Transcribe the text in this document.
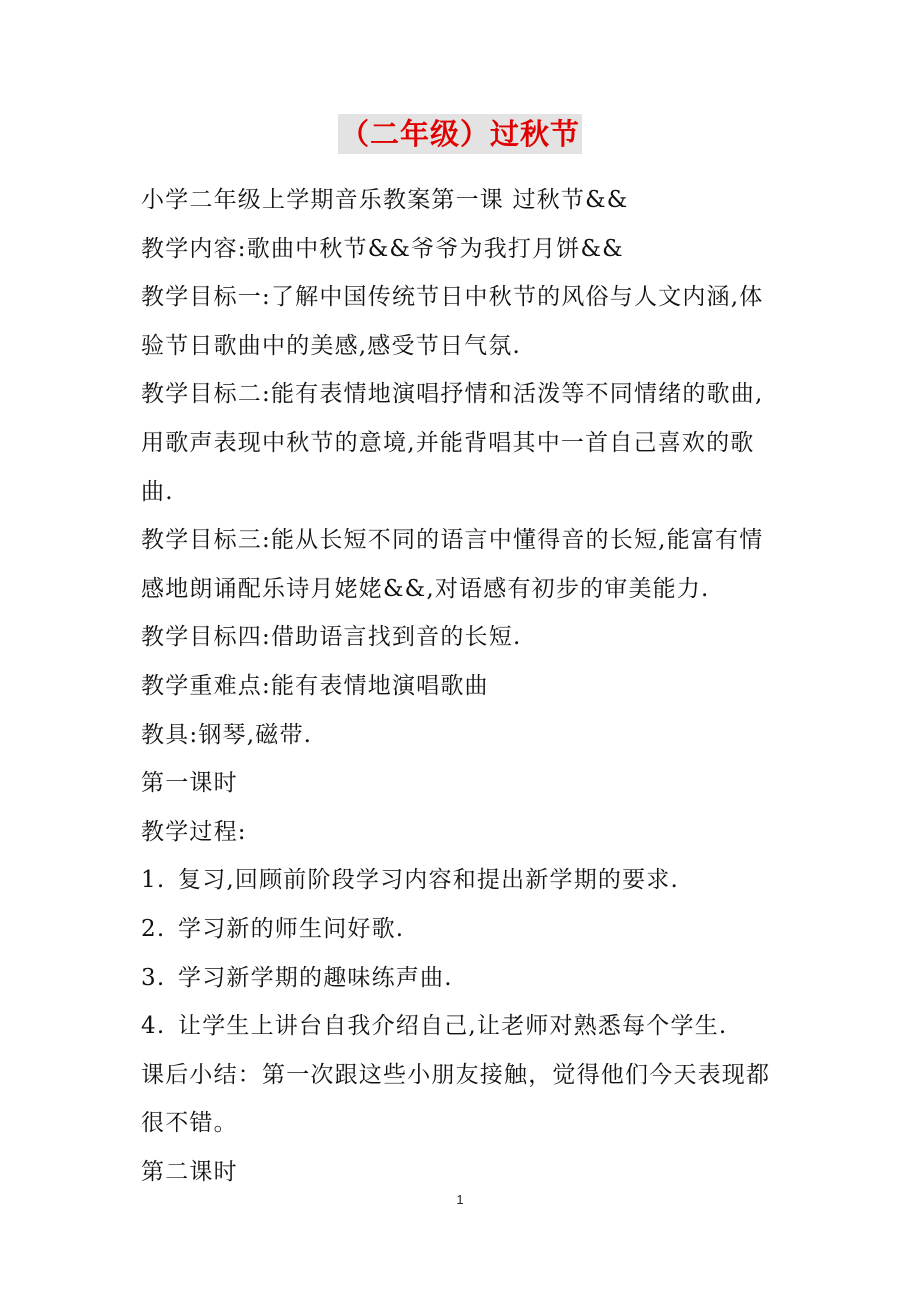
（二年级）过秋节
小学二年级上学期音乐教案第一课 过秋节&&
教学内容:歌曲中秋节&&爷爷为我打月饼&&
教学目标一:了解中国传统节日中秋节的风俗与人文内涵,体
验节日歌曲中的美感,感受节日气氛.
教学目标二:能有表情地演唱抒情和活泼等不同情绪的歌曲,
用歌声表现中秋节的意境,并能背唱其中一首自己喜欢的歌
曲.
教学目标三:能从长短不同的语言中懂得音的长短,能富有情
感地朗诵配乐诗月姥姥&&,对语感有初步的审美能力.
教学目标四:借助语言找到音的长短.
教学重难点:能有表情地演唱歌曲
教具:钢琴,磁带.
第一课时
教学过程:
1. 复习,回顾前阶段学习内容和提出新学期的要求.
2. 学习新的师生问好歌.
3. 学习新学期的趣味练声曲.
4. 让学生上讲台自我介绍自己,让老师对熟悉每个学生.
课后小结：第一次跟这些小朋友接触，觉得他们今天表现都
很不错。
第二课时
1
